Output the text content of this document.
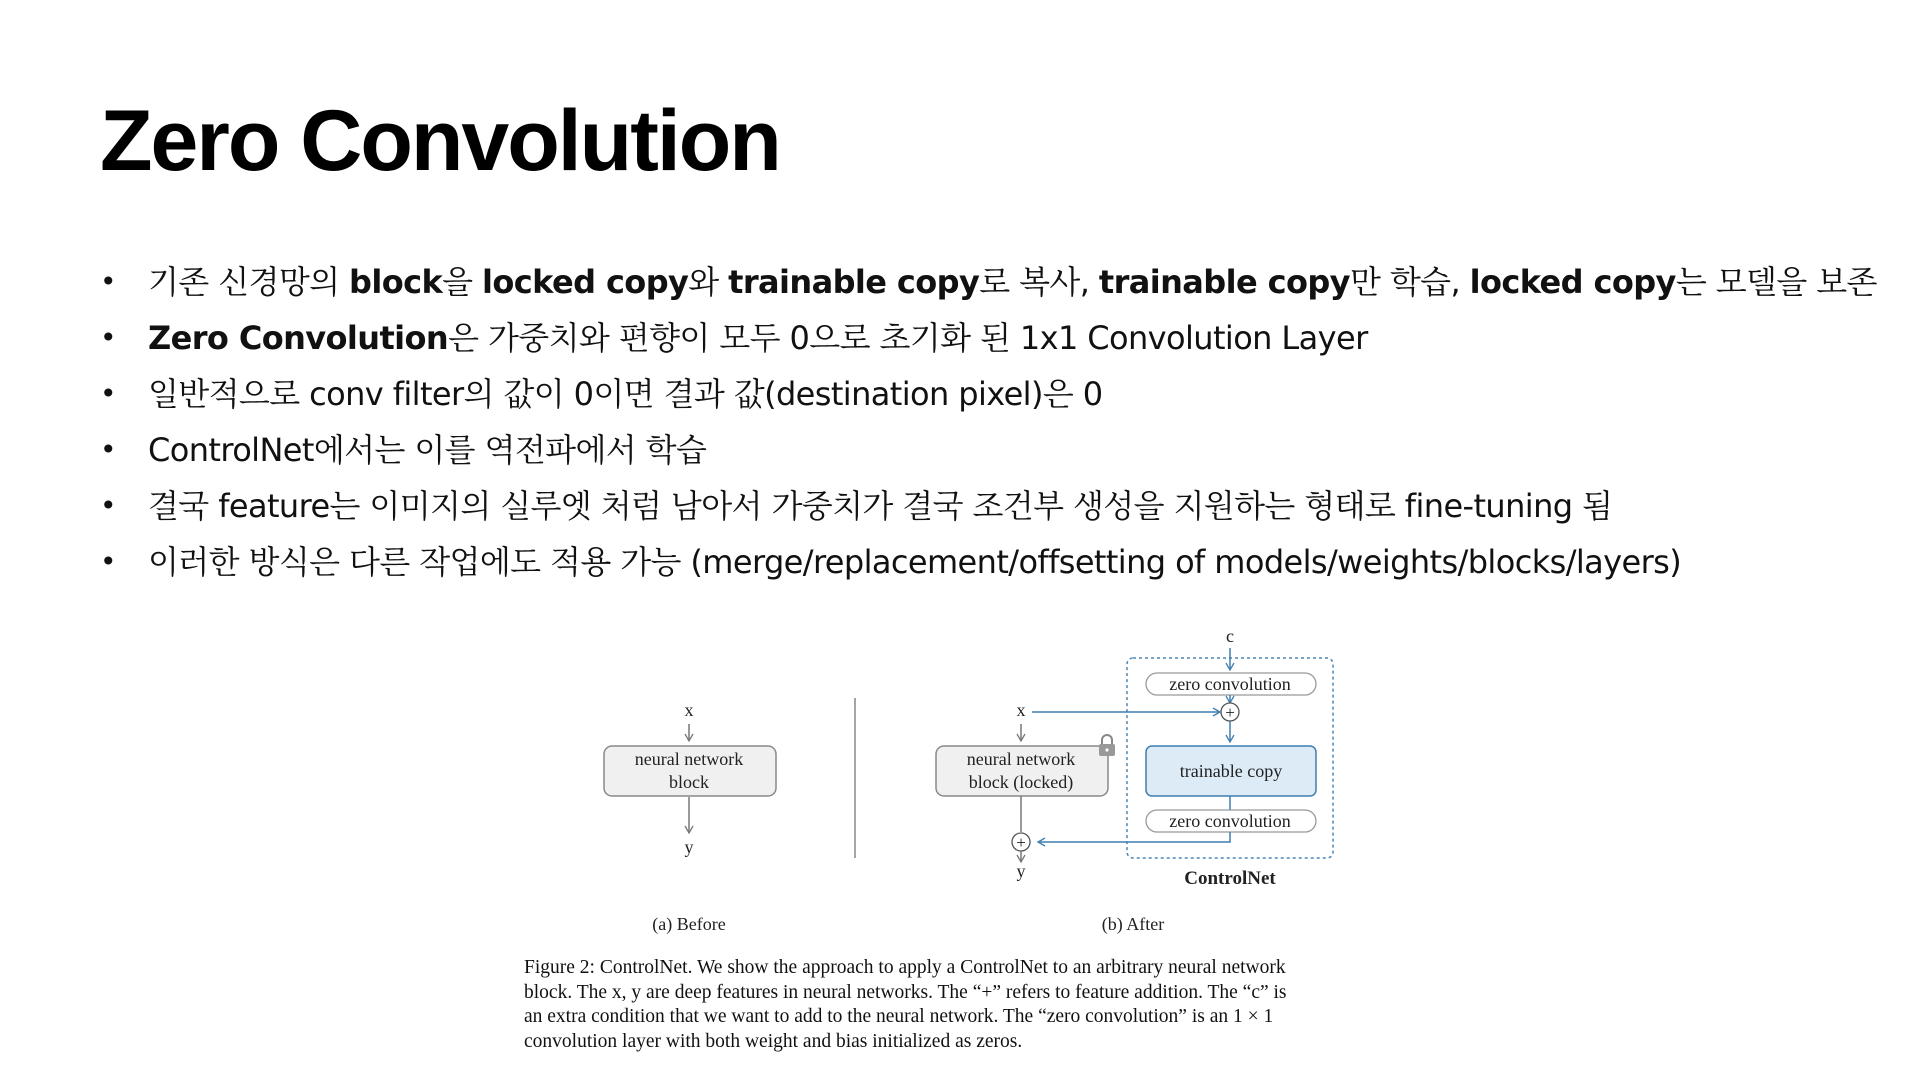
Zero Convolution
• 기존 신경망의 block을 locked copy와 trainable copy로 복사, trainable copy만 학습, locked copy는 모델을 보존
• Zero Convolution은 가중치와 편향이 모두 0으로 초기화 된 1x1 Convolution Layer
• 일반적으로 conv filter의 값이 0이면 결과 값(destination pixel)은 0
• ControlNet에서는 이를 역전파에서 학습
• 결국 feature는 이미지의 실루엣 처럼 남아서 가중치가 결국 조건부 생성을 지원하는 형태로 fine-tuning 됨
• 이러한 방식은 다른 작업에도 적용 가능 (merge/replacement/offsetting of models/weights/blocks/layers)
x
neural network
block
y
(a) Before
c
zero convolution
x	+
trainable copy
zero convolution
neural network
block (locked)
+
y	ControlNet
(b) After
Figure 2: ControlNet. We show the approach to apply a ControlNet to an arbitrary neural network
block. The x, y are deep features in neural networks. The “+” refers to feature addition. The “c” is
an extra condition that we want to add to the neural network. The “zero convolution” is an 1 × 1
convolution layer with both weight and bias initialized as zeros.
